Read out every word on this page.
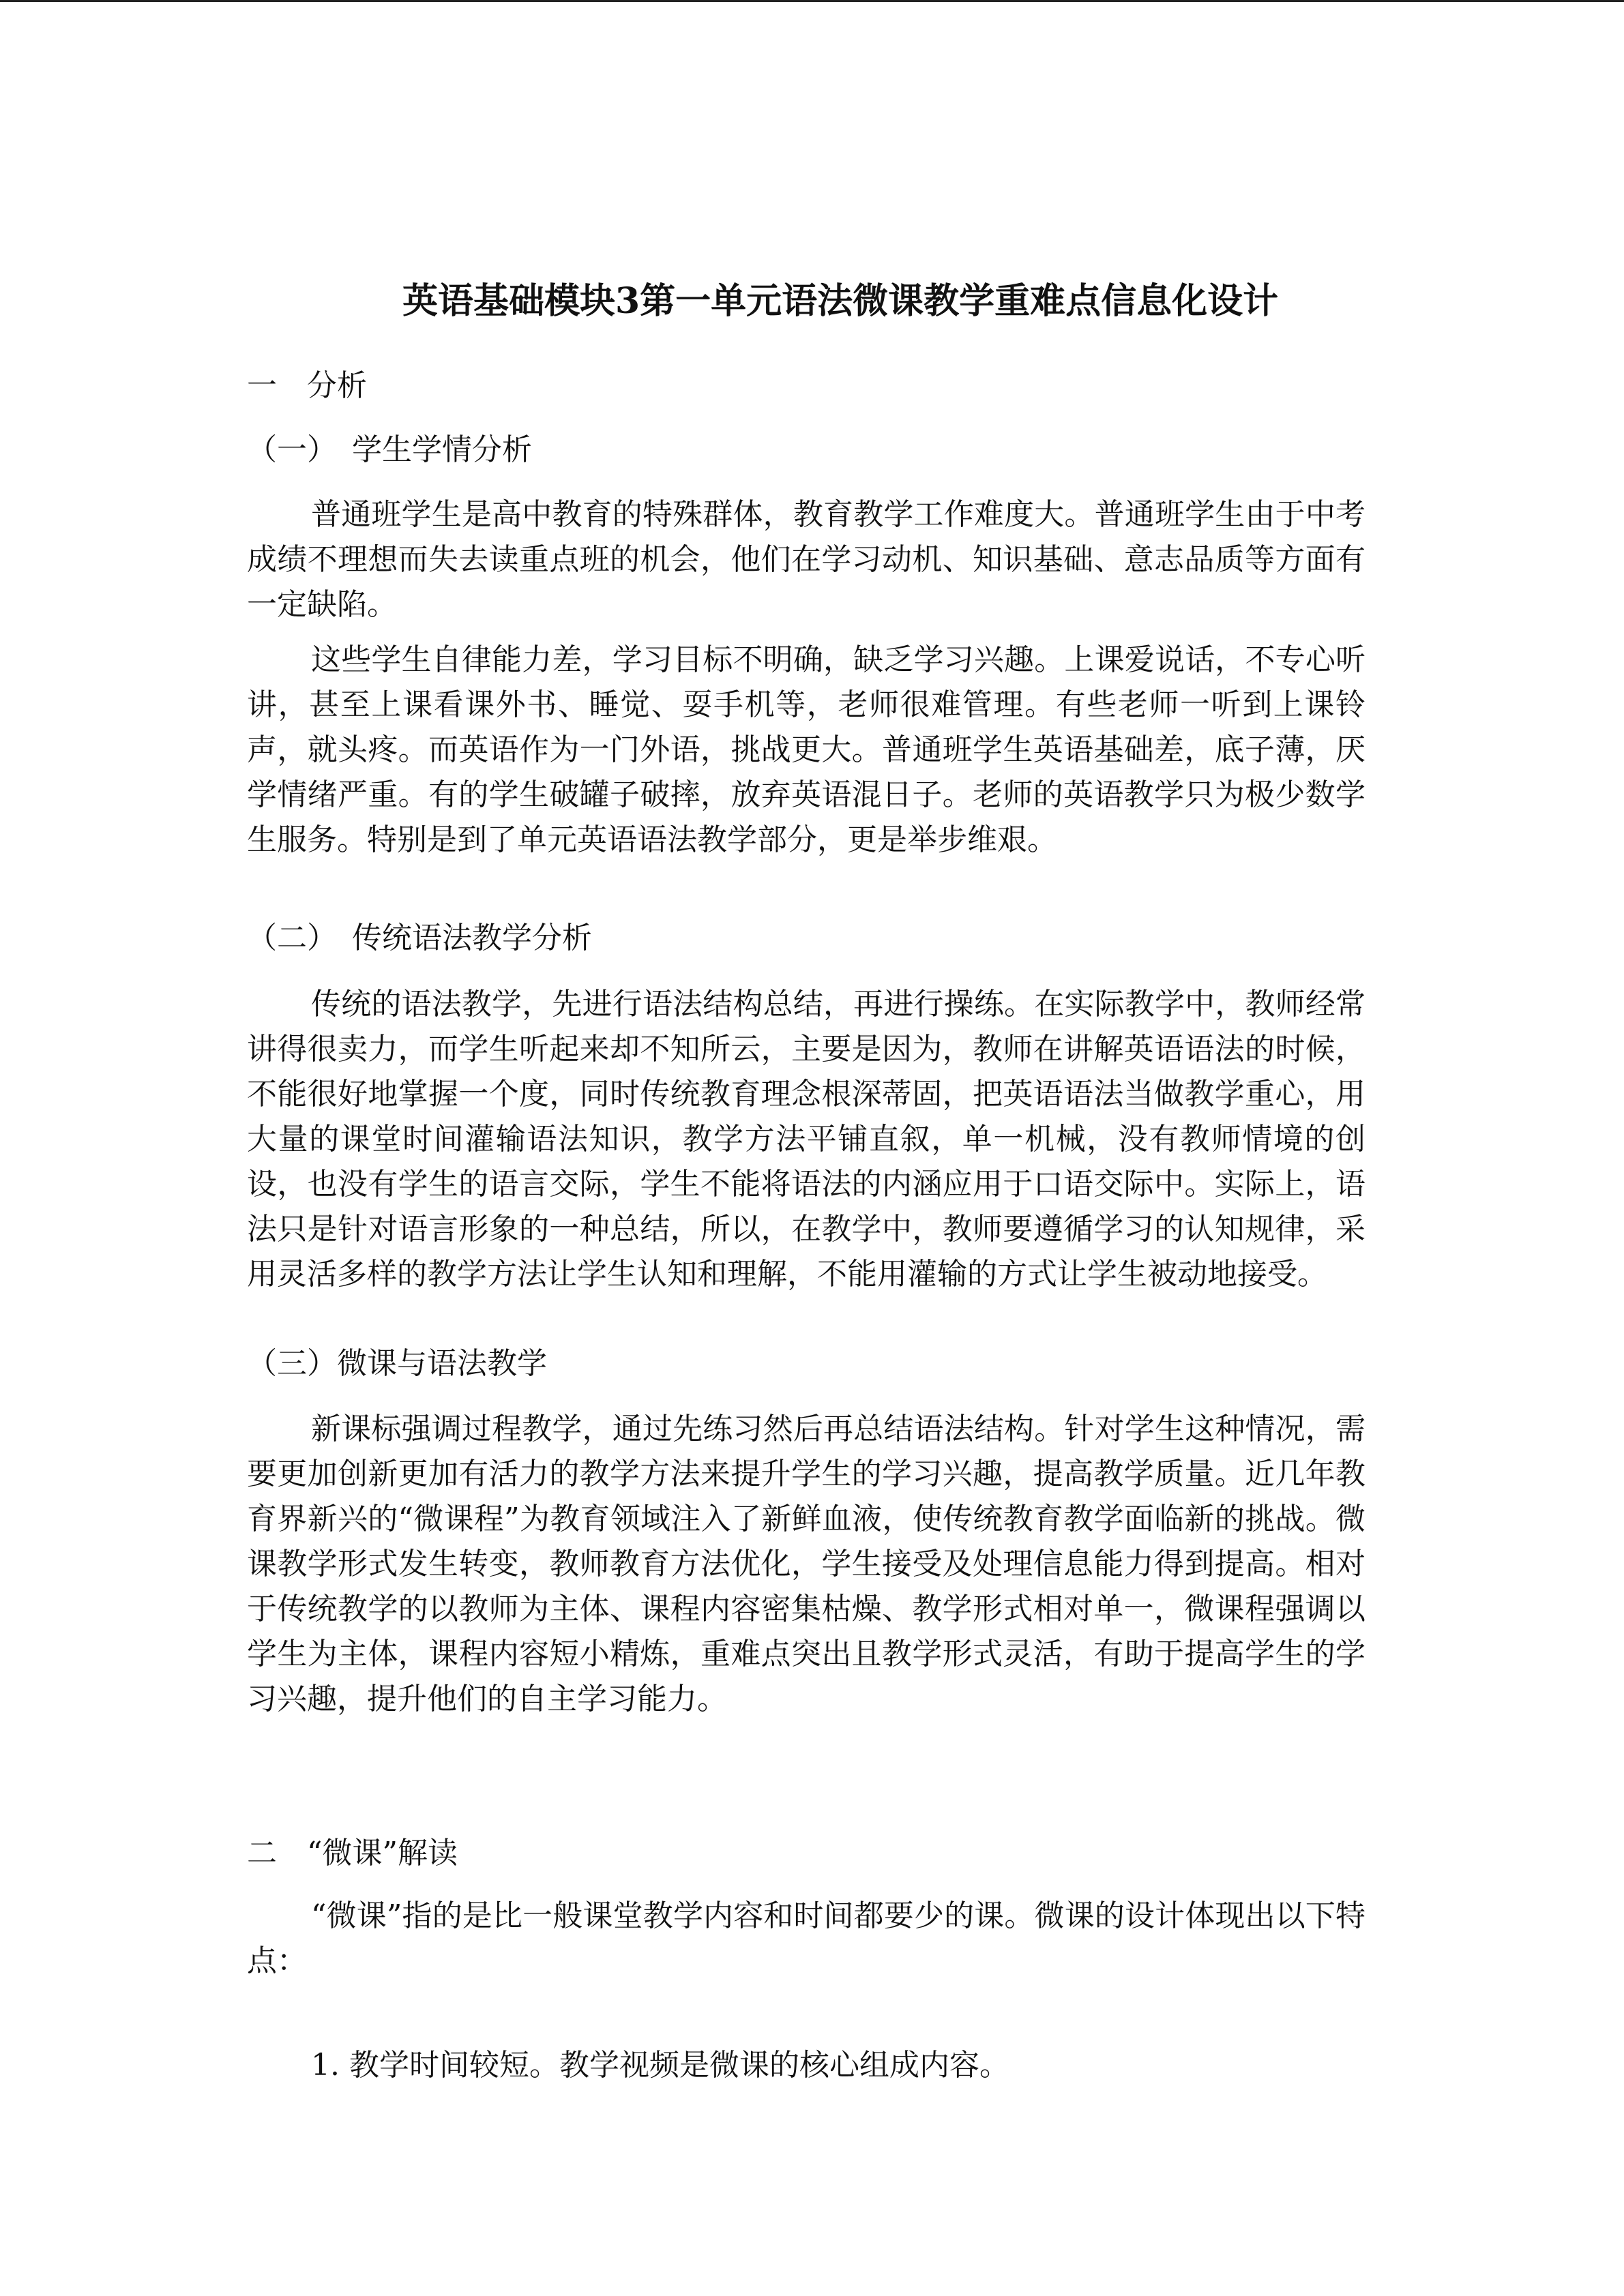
英语基础模块3第一单元语法微课教学重难点信息化设计
一　分析
（一）　学生学情分析

普通班学生是高中教育的特殊群体，教育教学工作难度大。普通班学生由于中考成绩不理想而失去读重点班的机会，他们在学习动机、知识基础、意志品质等方面有一定缺陷。

这些学生自律能力差，学习目标不明确，缺乏学习兴趣。上课爱说话，不专心听讲，甚至上课看课外书、睡觉、耍手机等，老师很难管理。有些老师一听到上课铃声，就头疼。而英语作为一门外语，挑战更大。普通班学生英语基础差，底子薄，厌学情绪严重。有的学生破罐子破摔，放弃英语混日子。老师的英语教学只为极少数学生服务。特别是到了单元英语语法教学部分，更是举步维艰。

（二）　传统语法教学分析

传统的语法教学，先进行语法结构总结，再进行操练。在实际教学中，教师经常讲得很卖力，而学生听起来却不知所云，主要是因为，教师在讲解英语语法的时候，不能很好地掌握一个度，同时传统教育理念根深蒂固，把英语语法当做教学重心，用大量的课堂时间灌输语法知识，教学方法平铺直叙，单一机械，没有教师情境的创设，也没有学生的语言交际，学生不能将语法的内涵应用于口语交际中。实际上，语法只是针对语言形象的一种总结，所以，在教学中，教师要遵循学习的认知规律，采用灵活多样的教学方法让学生认知和理解，不能用灌输的方式让学生被动地接受。

（三）微课与语法教学

新课标强调过程教学，通过先练习然后再总结语法结构。针对学生这种情况，需要更加创新更加有活力的教学方法来提升学生的学习兴趣，提高教学质量。近几年教育界新兴的“微课程”为教育领域注入了新鲜血液，使传统教育教学面临新的挑战。微课教学形式发生转变，教师教育方法优化，学生接受及处理信息能力得到提高。相对于传统教学的以教师为主体、课程内容密集枯燥、教学形式相对单一，微课程强调以学生为主体，课程内容短小精炼，重难点突出且教学形式灵活，有助于提高学生的学习兴趣，提升他们的自主学习能力。

二　“微课”解读

“微课”指的是比一般课堂教学内容和时间都要少的课。微课的设计体现出以下特点：

1. 教学时间较短。教学视频是微课的核心组成内容。
